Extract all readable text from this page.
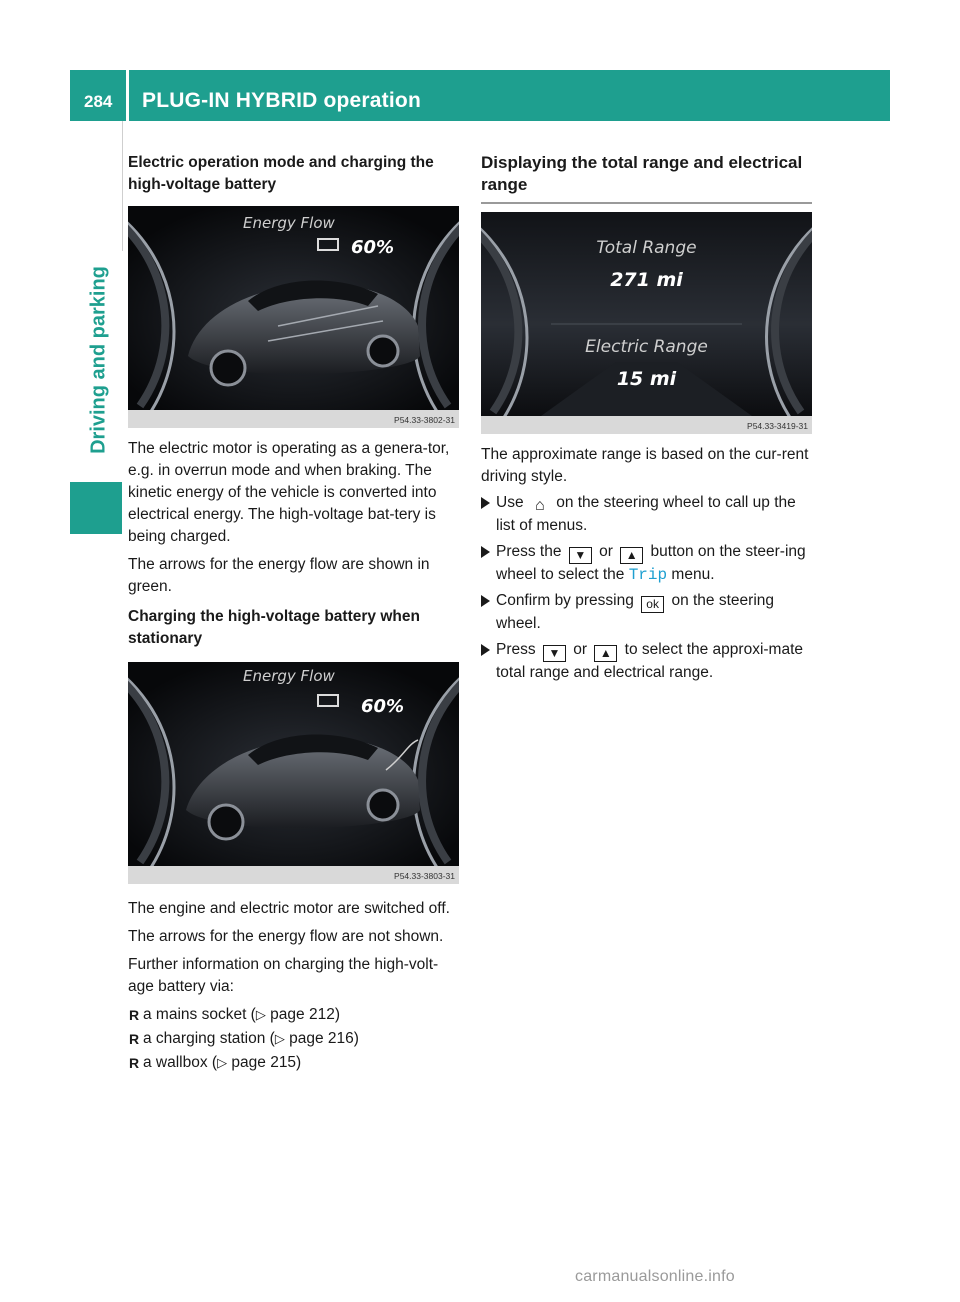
284 PLUG-IN HYBRID operation
Driving and parking
Electric operation mode and charging the high-voltage battery
Energy Flow
60%
P54.33-3802-31

The electric motor is operating as a genera-tor, e.g. in overrun mode and when braking. The kinetic energy of the vehicle is converted into electrical energy. The high-voltage bat-tery is being charged.

The arrows for the energy flow are shown in green.

Charging the high-voltage battery when stationary
Energy Flow
60%
P54.33-3803-31

The engine and electric motor are switched off.

The arrows for the energy flow are not shown.

Further information on charging the high-volt-age battery via:

R a mains socket (▷ page 212)
R a charging station (▷ page 216)
R a wallbox (▷ page 215)
Displaying the total range and electrical range
Total Range
271 mi
Electric Range
15 mi
P54.33-3419-31

The approximate range is based on the cur-rent driving style.

Use ⌂ on the steering wheel to call up the list of menus.
Press the ▼ or ▲ button on the steer-ing wheel to select the Trip menu.
Confirm by pressing ok on the steering wheel.
Press ▼ or ▲ to select the approxi-mate total range and electrical range.
carmanualsonline.info
